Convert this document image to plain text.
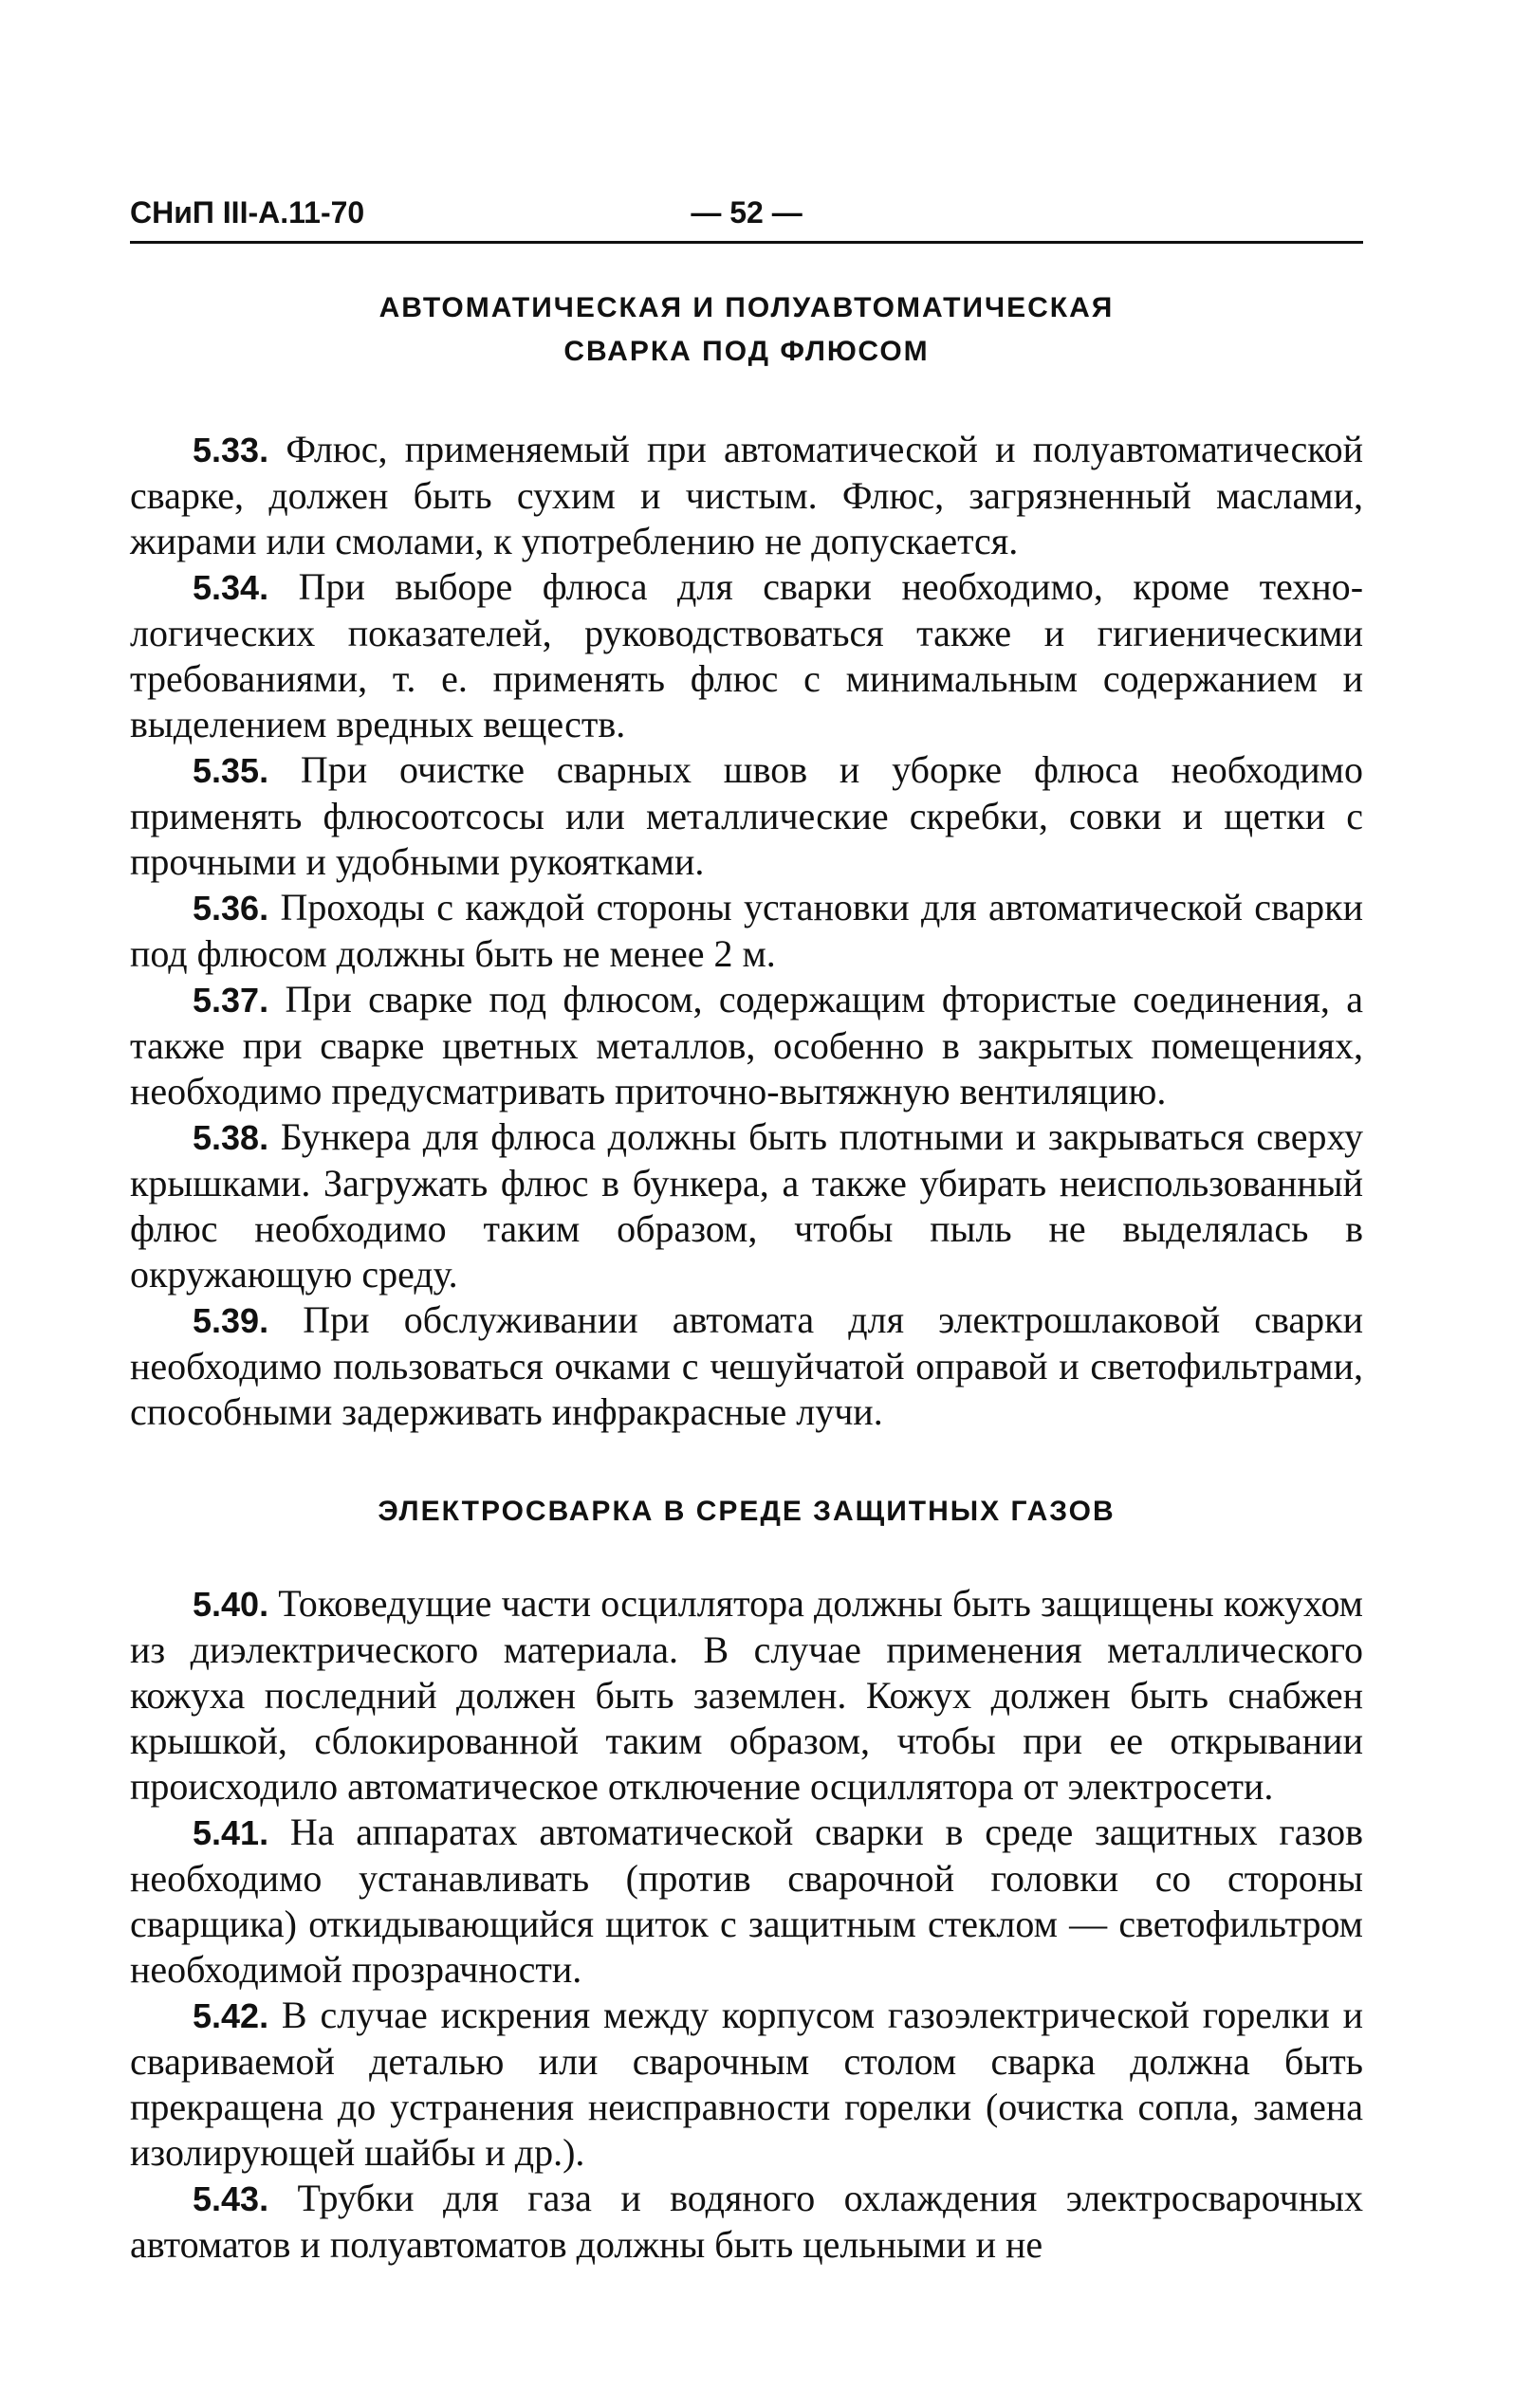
СНиП III-А.11-70	— 52 —
АВТОМАТИЧЕСКАЯ И ПОЛУАВТОМАТИЧЕСКАЯ
СВАРКА ПОД ФЛЮСОМ

5.33. Флюс, применяемый при автоматической и полуавтоматической сварке, должен быть сухим и чистым. Флюс, загрязненный маслами, жирами или смолами, к употреблению не допускается.

5.34. При выборе флюса для сварки необходимо, кроме технологических показателей, руководствоваться также и гигиеническими требованиями, т. е. применять флюс с минимальным содержанием и выделением вредных веществ.

5.35. При очистке сварных швов и уборке флюса необходимо применять флюсоотсосы или металлические скребки, совки и щетки с прочными и удобными рукоятками.

5.36. Проходы с каждой стороны установки для автоматической сварки под флюсом должны быть не менее 2 м.

5.37. При сварке под флюсом, содержащим фтористые соединения, а также при сварке цветных металлов, особенно в закрытых помещениях, необходимо предусматривать приточно-вытяжную вентиляцию.

5.38. Бункера для флюса должны быть плотными и закрываться сверху крышками. Загружать флюс в бункера, а также убирать неиспользованный флюс необходимо таким образом, чтобы пыль не выделялась в окружающую среду.

5.39. При обслуживании автомата для электрошлаковой сварки необходимо пользоваться очками с чешуйчатой оправой и светофильтрами, способными задерживать инфракрасные лучи.

ЭЛЕКТРОСВАРКА В СРЕДЕ ЗАЩИТНЫХ ГАЗОВ

5.40. Токоведущие части осциллятора должны быть защищены кожухом из диэлектрического материала. В случае применения металлического кожуха последний должен быть заземлен. Кожух должен быть снабжен крышкой, сблокированной таким образом, чтобы при ее открывании происходило автоматическое отключение осциллятора от электросети.

5.41. На аппаратах автоматической сварки в среде защитных газов необходимо устанавливать (против сварочной головки со стороны сварщика) откидывающийся щиток с защитным стеклом — светофильтром необходимой прозрачности.

5.42. В случае искрения между корпусом газоэлектрической горелки и свариваемой деталью или сварочным столом сварка должна быть прекращена до устранения неисправности горелки (очистка сопла, замена изолирующей шайбы и др.).

5.43. Трубки для газа и водяного охлаждения электросварочных автоматов и полуавтоматов должны быть цельными и не
